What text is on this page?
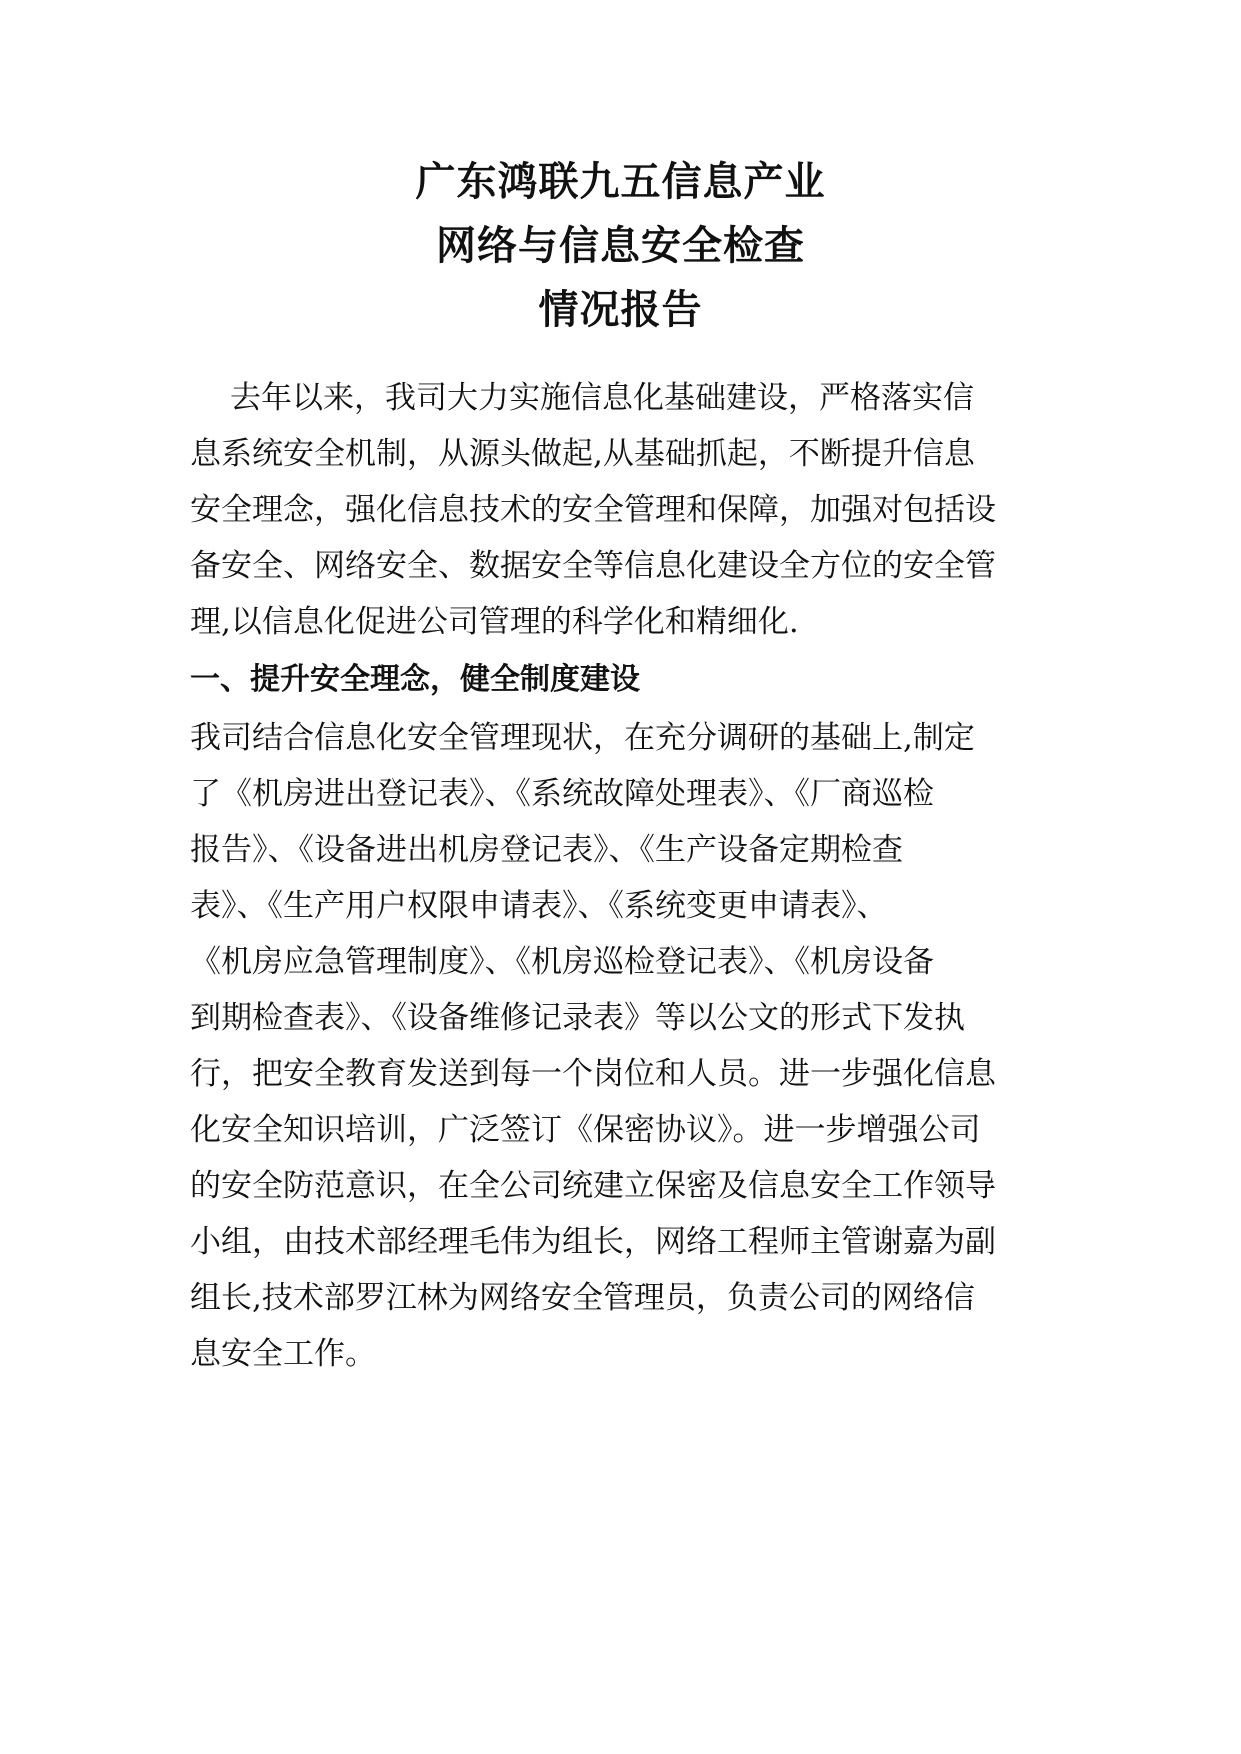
广东鸿联九五信息产业
网络与信息安全检查
情况报告
去年以来，我司大力实施信息化基础建设，严格落实信
息系统安全机制，从源头做起,从基础抓起，不断提升信息
安全理念，强化信息技术的安全管理和保障，加强对包括设
备安全、网络安全、数据安全等信息化建设全方位的安全管
理,以信息化促进公司管理的科学化和精细化.
一、提升安全理念，健全制度建设
我司结合信息化安全管理现状，在充分调研的基础上,制定
了《机房进出登记表》、《系统故障处理表》、《厂商巡检
报告》、《设备进出机房登记表》、《生产设备定期检查
表》、《生产用户权限申请表》、《系统变更申请表》、
《机房应急管理制度》、《机房巡检登记表》、《机房设备
到期检查表》、《设备维修记录表》等以公文的形式下发执
行，把安全教育发送到每一个岗位和人员。进一步强化信息
化安全知识培训，广泛签订《保密协议》。进一步增强公司
的安全防范意识，在全公司统建立保密及信息安全工作领导
小组，由技术部经理毛伟为组长，网络工程师主管谢嘉为副
组长,技术部罗江林为网络安全管理员，负责公司的网络信
息安全工作。
